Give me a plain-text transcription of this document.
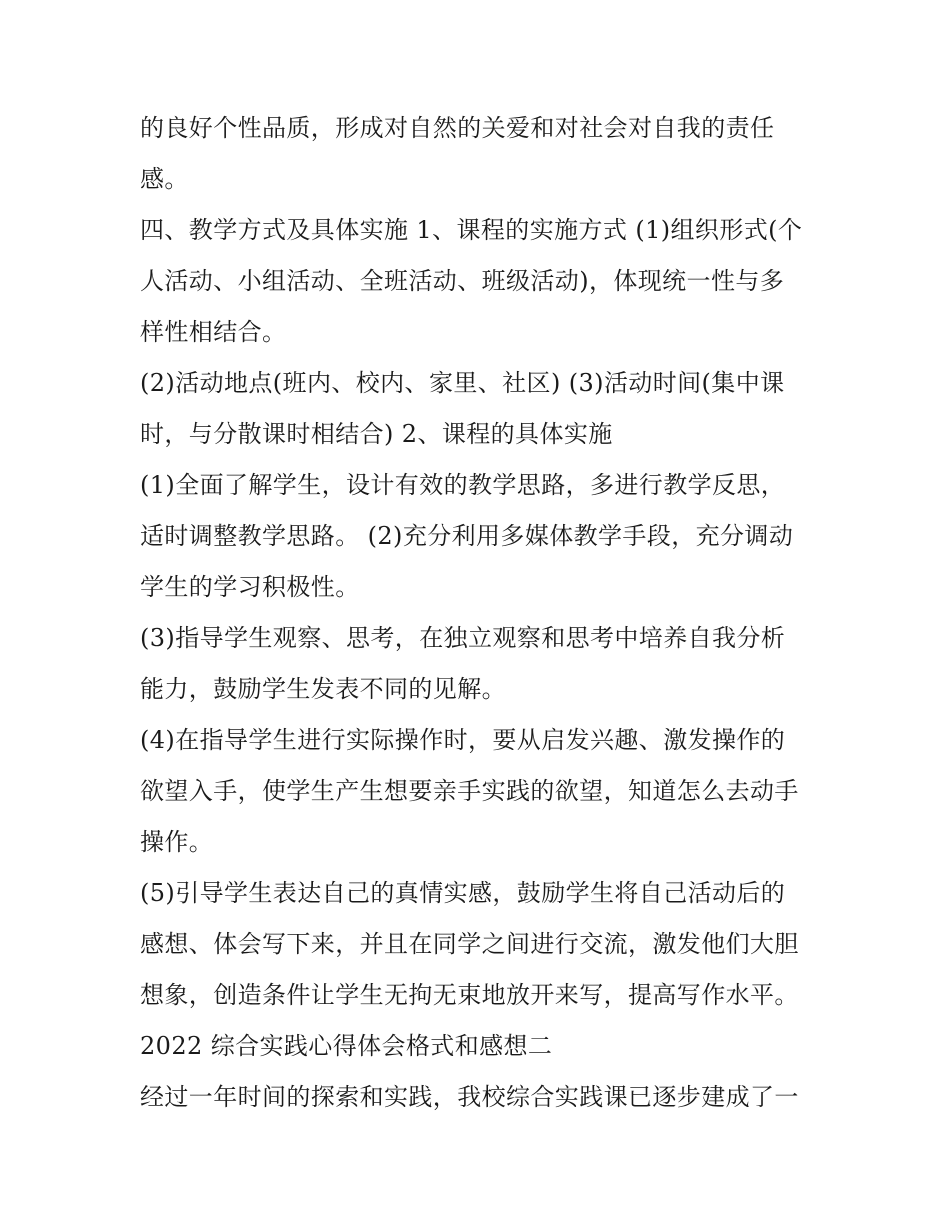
的良好个性品质，形成对自然的关爱和对社会对自我的责任
感。
四、教学方式及具体实施 1、课程的实施方式 (1)组织形式(个
人活动、小组活动、全班活动、班级活动)，体现统一性与多
样性相结合。
(2)活动地点(班内、校内、家里、社区) (3)活动时间(集中课
时，与分散课时相结合) 2、课程的具体实施
(1)全面了解学生，设计有效的教学思路，多进行教学反思，
适时调整教学思路。 (2)充分利用多媒体教学手段，充分调动
学生的学习积极性。
(3)指导学生观察、思考，在独立观察和思考中培养自我分析
能力，鼓励学生发表不同的见解。
(4)在指导学生进行实际操作时，要从启发兴趣、激发操作的
欲望入手，使学生产生想要亲手实践的欲望，知道怎么去动手
操作。
(5)引导学生表达自己的真情实感，鼓励学生将自己活动后的
感想、体会写下来，并且在同学之间进行交流，激发他们大胆
想象，创造条件让学生无拘无束地放开来写，提高写作水平。
2022 综合实践心得体会格式和感想二
经过一年时间的探索和实践，我校综合实践课已逐步建成了一
